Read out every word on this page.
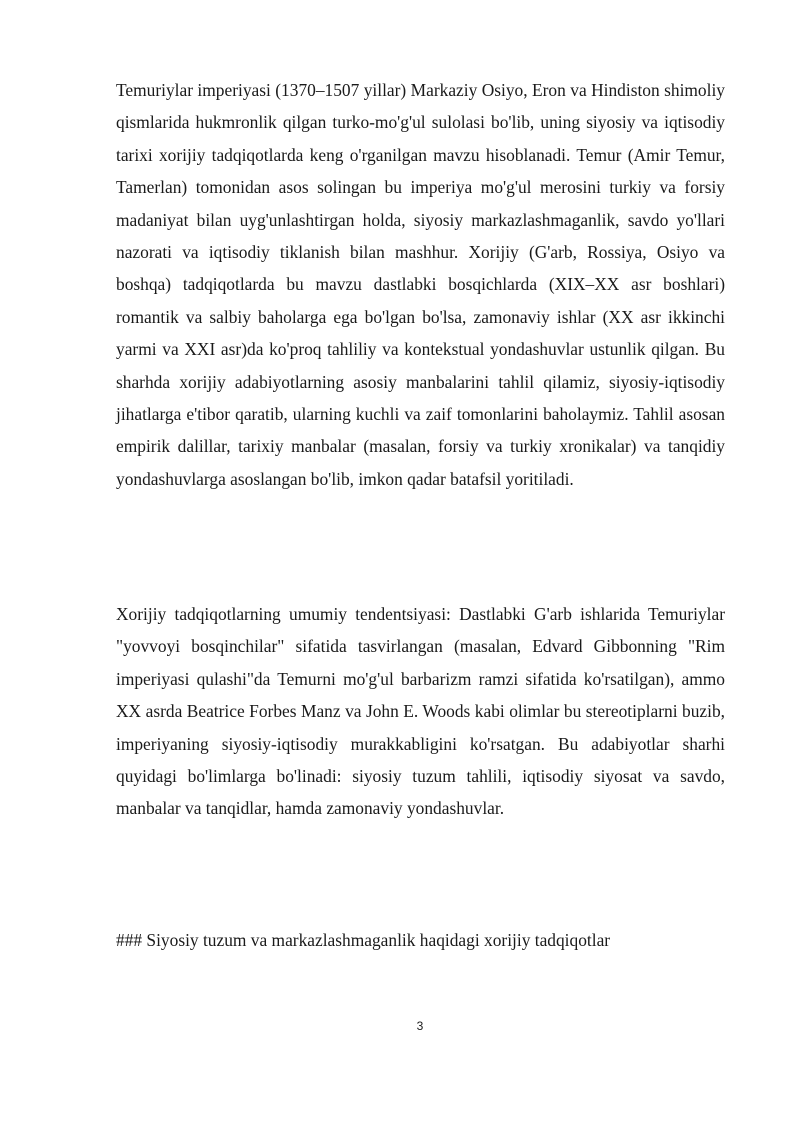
Temuriylar imperiyasi (1370–1507 yillar) Markaziy Osiyo, Eron va Hindiston shimoliy qismlarida hukmronlik qilgan turko-mo'g'ul sulolasi bo'lib, uning siyosiy va iqtisodiy tarixi xorijiy tadqiqotlarda keng o'rganilgan mavzu hisoblanadi. Temur (Amir Temur, Tamerlan) tomonidan asos solingan bu imperiya mo'g'ul merosini turkiy va forsiy madaniyat bilan uyg'unlashtirgan holda, siyosiy markazlashmaganlik, savdo yo'llari nazorati va iqtisodiy tiklanish bilan mashhur. Xorijiy (G'arb, Rossiya, Osiyo va boshqa) tadqiqotlarda bu mavzu dastlabki bosqichlarda (XIX–XX asr boshlari) romantik va salbiy baholarga ega bo'lgan bo'lsa, zamonaviy ishlar (XX asr ikkinchi yarmi va XXI asr)da ko'proq tahliliy va kontekstual yondashuvlar ustunlik qilgan. Bu sharhda xorijiy adabiyotlarning asosiy manbalarini tahlil qilamiz, siyosiy-iqtisodiy jihatlarga e'tibor qaratib, ularning kuchli va zaif tomonlarini baholaymiz. Tahlil asosan empirik dalillar, tarixiy manbalar (masalan, forsiy va turkiy xronikalar) va tanqidiy yondashuvlarga asoslangan bo'lib, imkon qadar batafsil yoritiladi.

Xorijiy tadqiqotlarning umumiy tendentsiyasi: Dastlabki G'arb ishlarida Temuriylar "yovvoyi bosqinchilar" sifatida tasvirlangan (masalan, Edvard Gibbonning "Rim imperiyasi qulashi"da Temurni mo'g'ul barbarizm ramzi sifatida ko'rsatilgan), ammo XX asrda Beatrice Forbes Manz va John E. Woods kabi olimlar bu stereotiplarni buzib, imperiyaning siyosiy-iqtisodiy murakkabligini ko'rsatgan. Bu adabiyotlar sharhi quyidagi bo'limlarga bo'linadi: siyosiy tuzum tahlili, iqtisodiy siyosat va savdo, manbalar va tanqidlar, hamda zamonaviy yondashuvlar.

### Siyosiy tuzum va markazlashmaganlik haqidagi xorijiy tadqiqotlar
3
